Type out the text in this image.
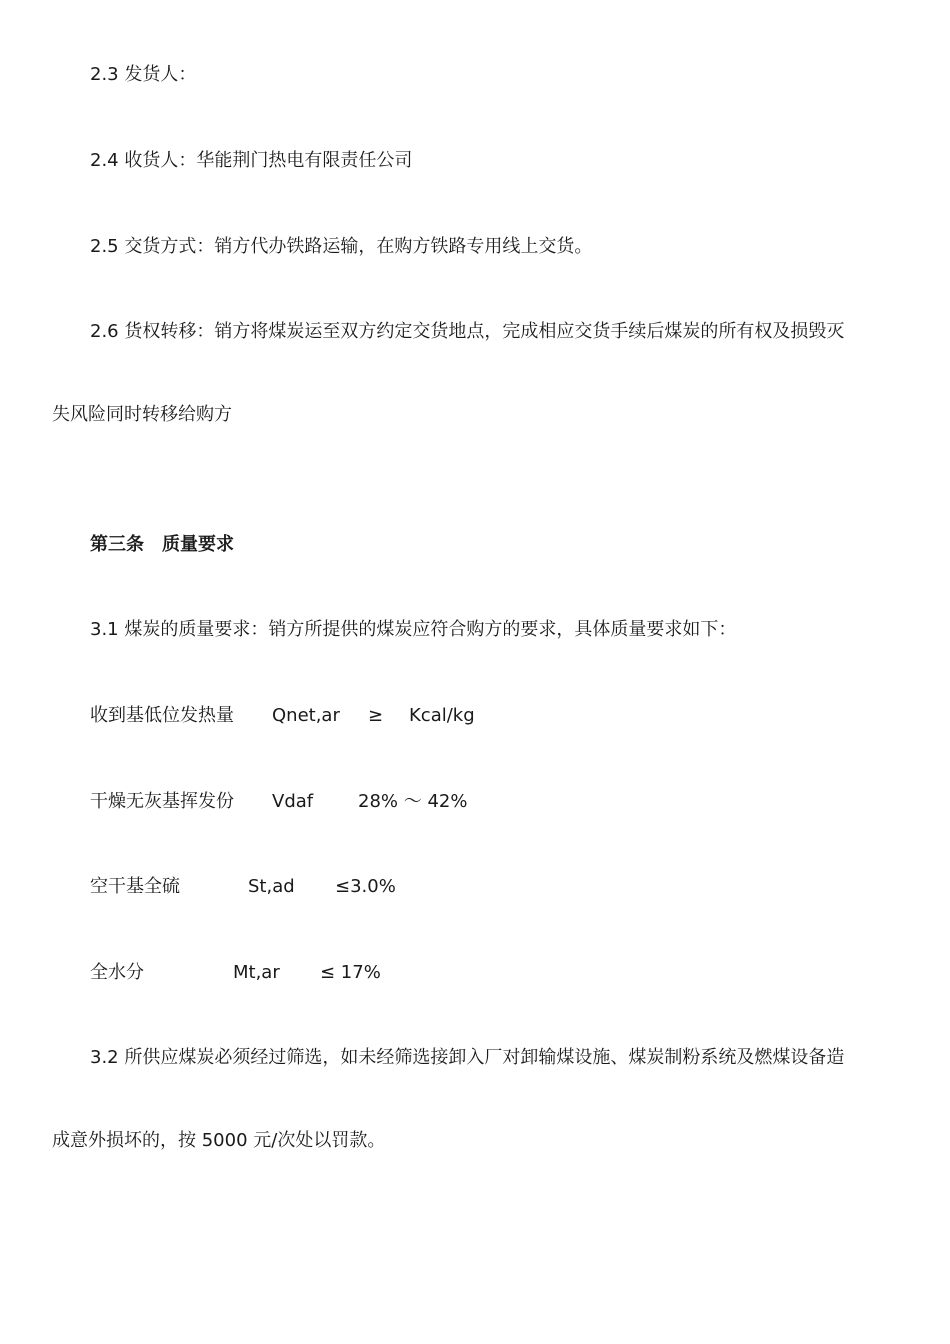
2.3 发货人：
2.4 收货人：华能荆门热电有限责任公司
2.5 交货方式：销方代办铁路运输，在购方铁路专用线上交货。
2.6 货权转移：销方将煤炭运至双方约定交货地点，完成相应交货手续后煤炭的所有权及损毁灭
失风险同时转移给购方
第三条　质量要求
3.1 煤炭的质量要求：销方所提供的煤炭应符合购方的要求，具体质量要求如下：
收到基低位发热量 Qnet,ar ≥ Kcal/kg
干燥无灰基挥发份 Vdaf 28% ～ 42%
空干基全硫	St,ad ≤3.0%
全水分	Mt,ar ≤ 17%
3.2 所供应煤炭必须经过筛选，如未经筛选接卸入厂对卸输煤设施、煤炭制粉系统及燃煤设备造
成意外损坏的，按 5000 元/次处以罚款。
